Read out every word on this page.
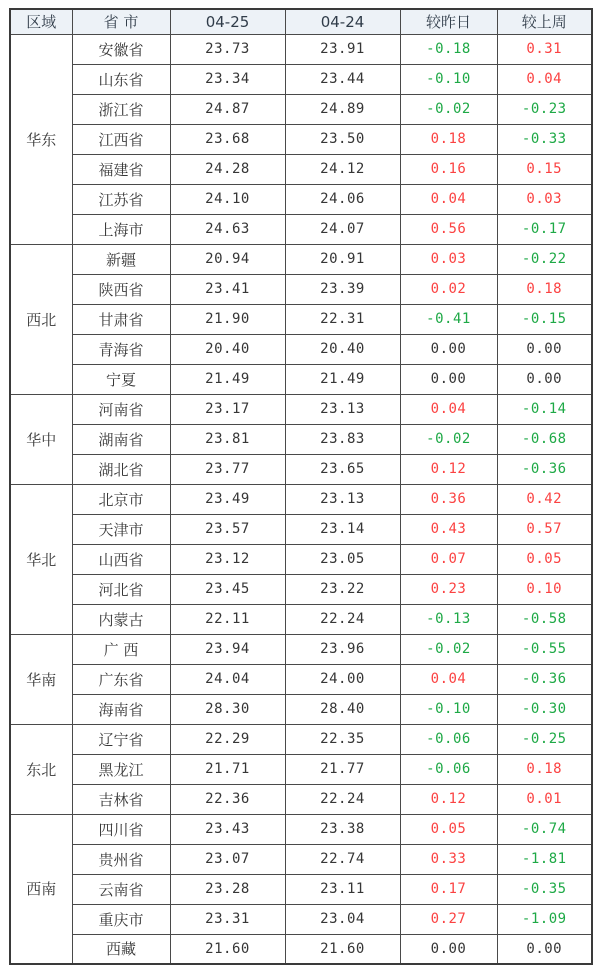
区域	省 市	04-25	04-24	较昨日	较上周
华东	安徽省	23.73	23.91	-0.18	0.31
	山东省	23.34	23.44	-0.10	0.04
	浙江省	24.87	24.89	-0.02	-0.23
	江西省	23.68	23.50	0.18	-0.33
	福建省	24.28	24.12	0.16	0.15
	江苏省	24.10	24.06	0.04	0.03
	上海市	24.63	24.07	0.56	-0.17
西北	新疆	20.94	20.91	0.03	-0.22
	陕西省	23.41	23.39	0.02	0.18
	甘肃省	21.90	22.31	-0.41	-0.15
	青海省	20.40	20.40	0.00	0.00
	宁夏	21.49	21.49	0.00	0.00
华中	河南省	23.17	23.13	0.04	-0.14
	湖南省	23.81	23.83	-0.02	-0.68
	湖北省	23.77	23.65	0.12	-0.36
华北	北京市	23.49	23.13	0.36	0.42
	天津市	23.57	23.14	0.43	0.57
	山西省	23.12	23.05	0.07	0.05
	河北省	23.45	23.22	0.23	0.10
	内蒙古	22.11	22.24	-0.13	-0.58
华南	广 西	23.94	23.96	-0.02	-0.55
	广东省	24.04	24.00	0.04	-0.36
	海南省	28.30	28.40	-0.10	-0.30
东北	辽宁省	22.29	22.35	-0.06	-0.25
	黑龙江	21.71	21.77	-0.06	0.18
	吉林省	22.36	22.24	0.12	0.01
西南	四川省	23.43	23.38	0.05	-0.74
	贵州省	23.07	22.74	0.33	-1.81
	云南省	23.28	23.11	0.17	-0.35
	重庆市	23.31	23.04	0.27	-1.09
	西藏	21.60	21.60	0.00	0.00
